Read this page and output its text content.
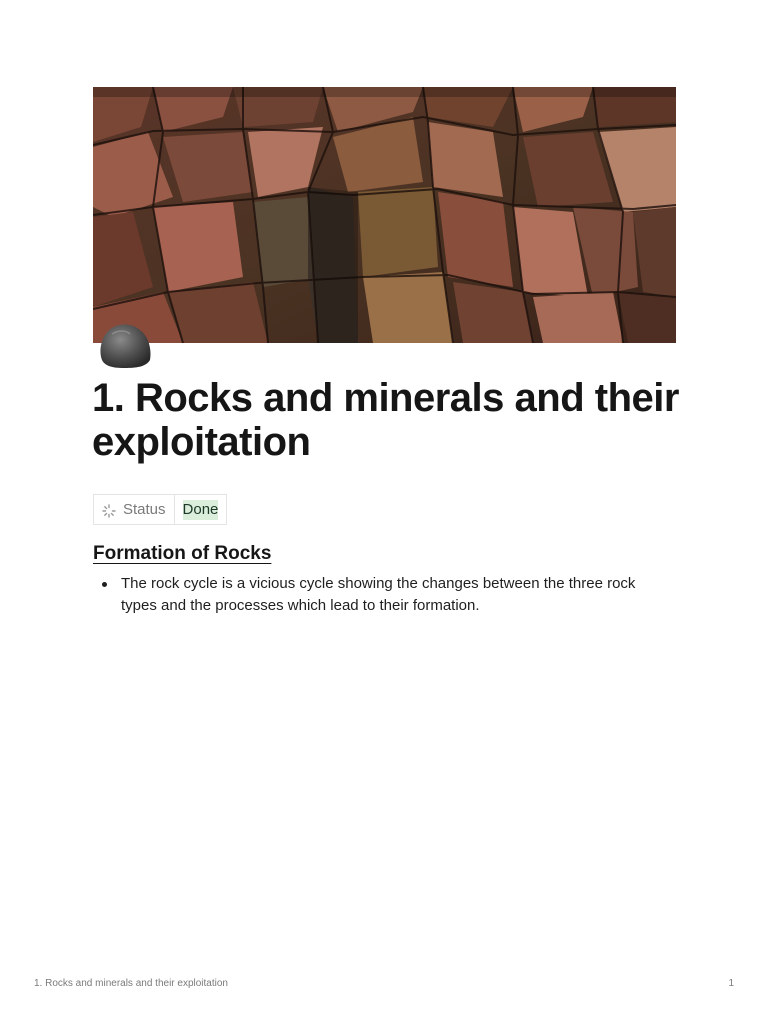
1. Rocks and minerals and their exploitation
Status Done
Formation of Rocks
The rock cycle is a vicious cycle showing the changes between the three rock types and the processes which lead to their formation.
1. Rocks and minerals and their exploitation	1
